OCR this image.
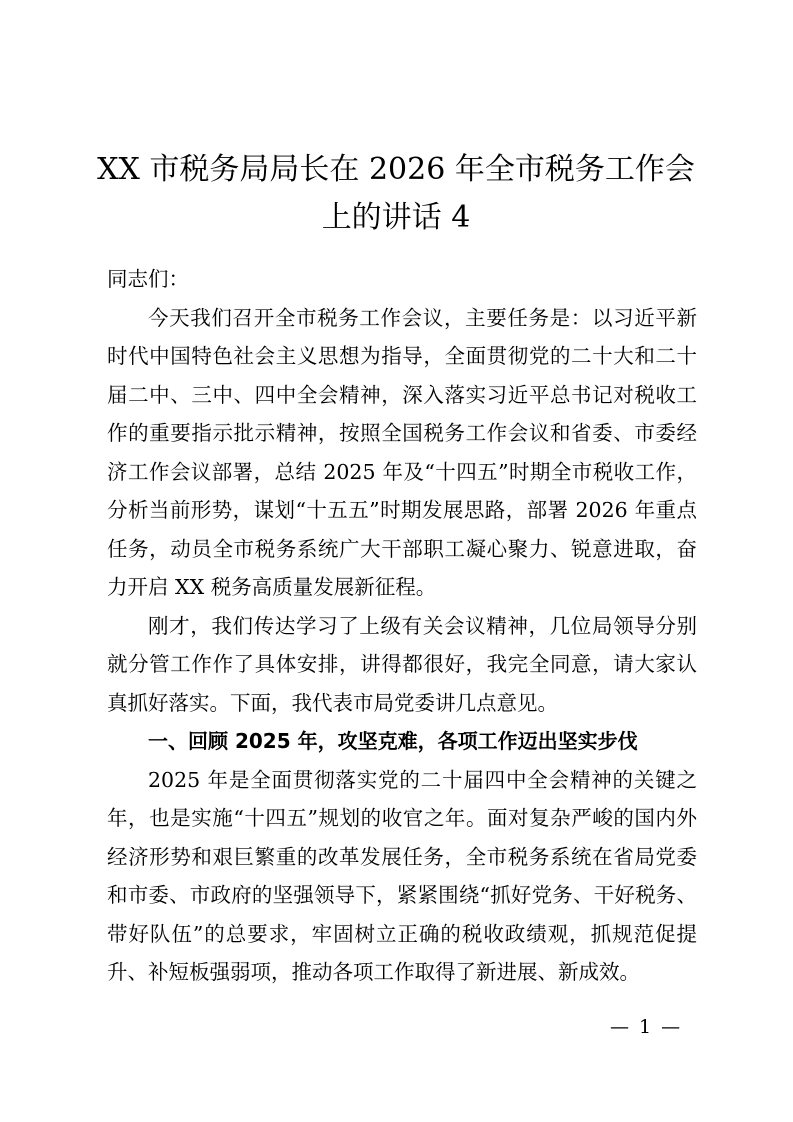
XX 市税务局局长在 2026 年全市税务工作会上的讲话 4

同志们：

今天我们召开全市税务工作会议，主要任务是：以习近平新时代中国特色社会主义思想为指导，全面贯彻党的二十大和二十届二中、三中、四中全会精神，深入落实习近平总书记对税收工作的重要指示批示精神，按照全国税务工作会议和省委、市委经济工作会议部署，总结 2025 年及“十四五”时期全市税收工作，分析当前形势，谋划“十五五”时期发展思路，部署 2026 年重点任务，动员全市税务系统广大干部职工凝心聚力、锐意进取，奋力开启 XX 税务高质量发展新征程。

刚才，我们传达学习了上级有关会议精神，几位局领导分别就分管工作作了具体安排，讲得都很好，我完全同意，请大家认真抓好落实。下面，我代表市局党委讲几点意见。

一、回顾 2025 年，攻坚克难，各项工作迈出坚实步伐

2025 年是全面贯彻落实党的二十届四中全会精神的关键之年，也是实施“十四五”规划的收官之年。面对复杂严峻的国内外经济形势和艰巨繁重的改革发展任务，全市税务系统在省局党委和市委、市政府的坚强领导下，紧紧围绕“抓好党务、干好税务、带好队伍”的总要求，牢固树立正确的税收政绩观，抓规范促提升、补短板强弱项，推动各项工作取得了新进展、新成效。

— 1 —
